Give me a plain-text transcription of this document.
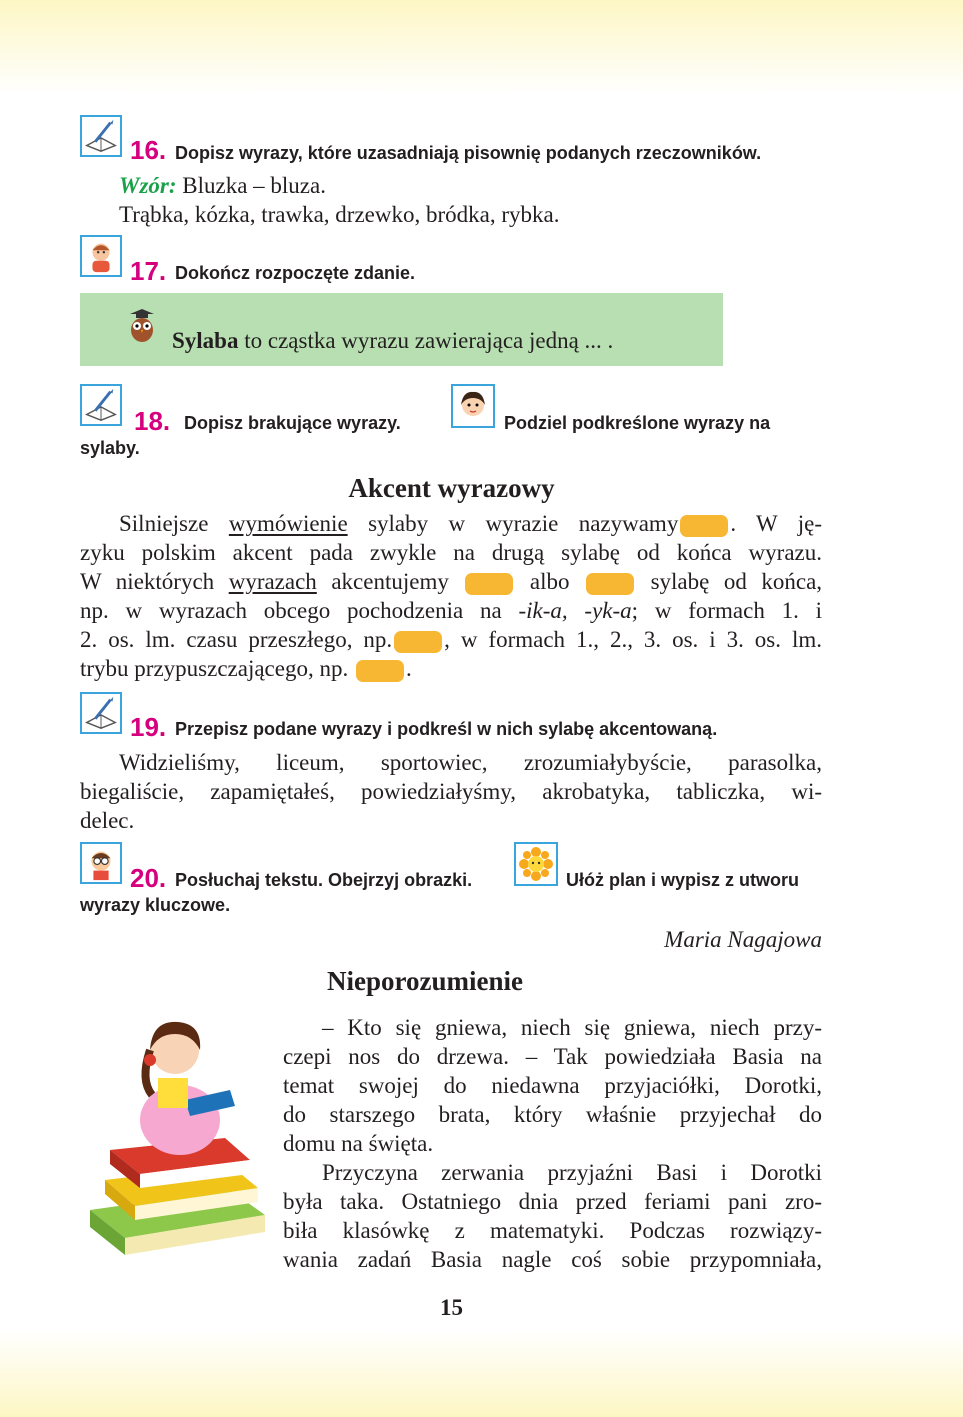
16. Dopisz wyrazy, które uzasadniają pisownię podanych rzeczowników.
Wzór: Bluzka – bluza.
Trąbka, kózka, trawka, drzewko, bródka, rybka.
17. Dokończ rozpoczęte zdanie.
Sylaba to cząstka wyrazu zawierająca jedną ... .
18. Dopisz brakujące wyrazy.	Podziel podkreślone wyrazy na
sylaby.
Akcent wyrazowy
Silniejsze wymówienie sylaby w wyrazie nazywamy . W ję-
zyku polskim akcent pada zwykle na drugą sylabę od końca wyrazu.
W niektórych wyrazach akcentujemy	albo	sylabę od końca,
np. w wyrazach obcego pochodzenia na -ik-a, -yk-a; w formach 1. i
2. os. lm. czasu przeszłego, np. , w formach 1., 2., 3. os. i 3. os. lm.
trybu przypuszczającego, np.	.
19. Przepisz podane wyrazy i podkreśl w nich sylabę akcentowaną.
Widzieliśmy, liceum, sportowiec, zrozumiałybyście, parasolka,
biegaliście, zapamiętałeś, powiedziałyśmy, akrobatyka, tabliczka, wi-
delec.
20. Posłuchaj tekstu. Obejrzyj obrazki.	Ułóż plan i wypisz z utworu
wyrazy kluczowe.
Maria Nagajowa
Nieporozumienie
– Kto się gniewa, niech się gniewa, niech przy-
czepi nos do drzewa. – Tak powiedziała Basia na
temat swojej do niedawna przyjaciółki, Dorotki,
do starszego brata, który właśnie przyjechał do
domu na święta.
Przyczyna zerwania przyjaźni Basi i Dorotki
była taka. Ostatniego dnia przed feriami pani zro-
biła klasówkę z matematyki. Podczas rozwiązy-
wania zadań Basia nagle coś sobie przypomniała,
15
